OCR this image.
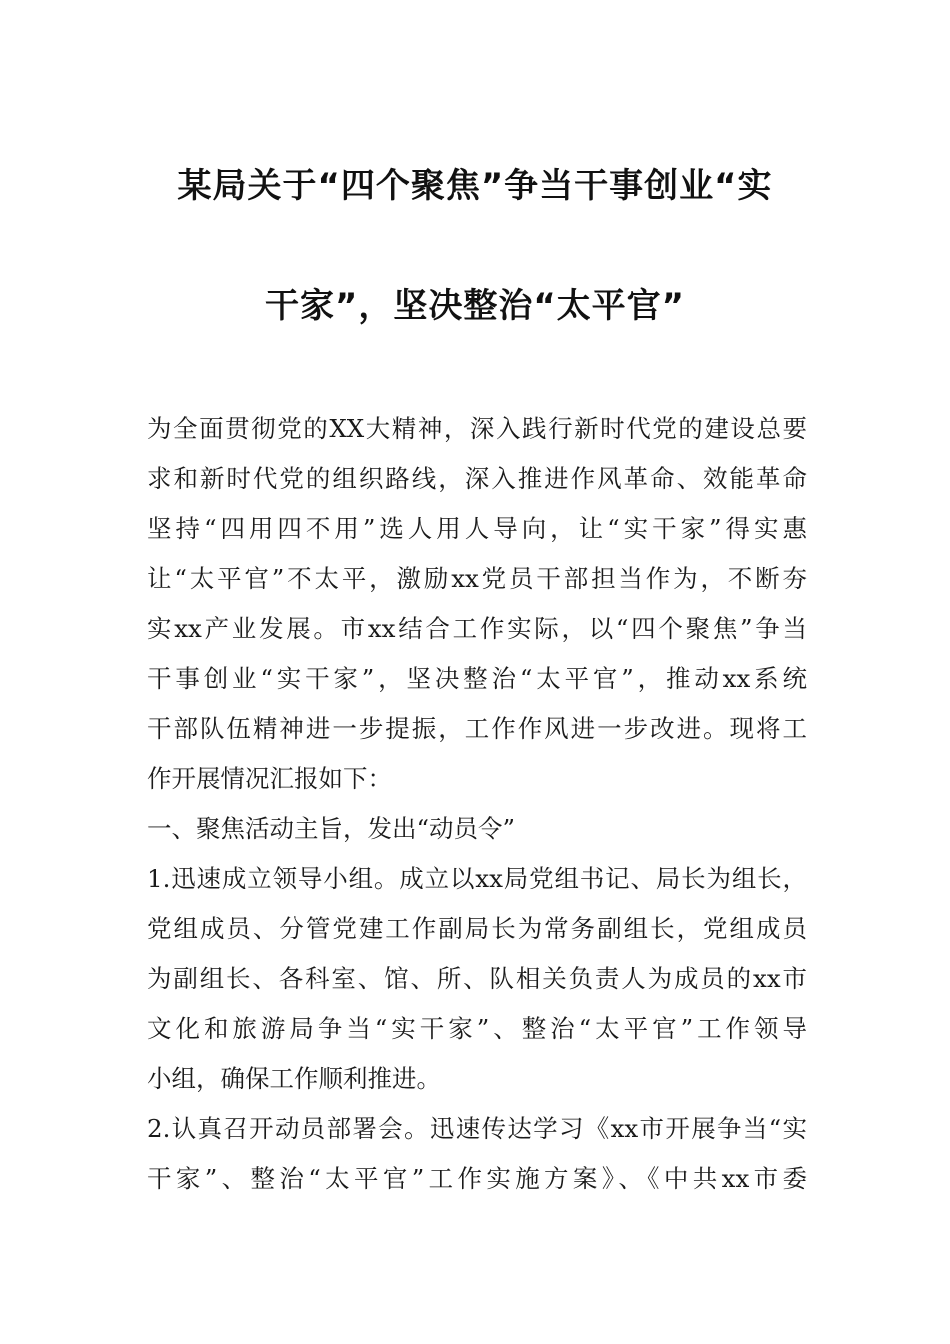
某局关于“四个聚焦”争当干事创业“实
干家”，坚决整治“太平官”
为全面贯彻党的XX大精神，深入践行新时代党的建设总要
求和新时代党的组织路线，深入推进作风革命、效能革命
坚持“四用四不用”选人用人导向，让“实干家”得实惠
让“太平官”不太平，激励xx党员干部担当作为，不断夯
实xx产业发展。市xx结合工作实际，以“四个聚焦”争当
干事创业“实干家”，坚决整治“太平官”，推动xx系统
干部队伍精神进一步提振，工作作风进一步改进。现将工
作开展情况汇报如下：
一、聚焦活动主旨，发出“动员令”
1.迅速成立领导小组。成立以xx局党组书记、局长为组长，
党组成员、分管党建工作副局长为常务副组长，党组成员
为副组长、各科室、馆、所、队相关负责人为成员的xx市
文化和旅游局争当“实干家”、整治“太平官”工作领导
小组，确保工作顺利推进。
2.认真召开动员部署会。迅速传达学习《xx市开展争当“实
干家”、整治“太平官”工作实施方案》、《中共xx市委
